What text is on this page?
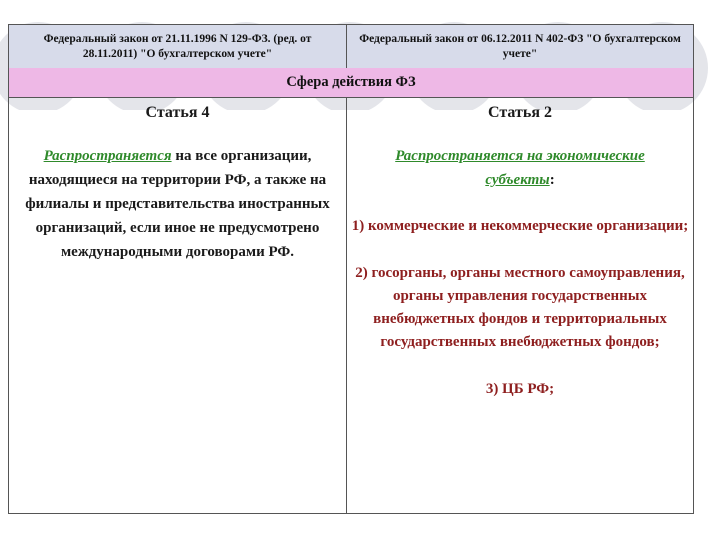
Федеральный закон от 21.11.1996 N 129-ФЗ. (ред. от 28.11.2011) "О бухгалтерском учете"
Федеральный закон от 06.12.2011 N 402-ФЗ "О бухгалтерском учете"
Сфера действия ФЗ

Статья 4

Распространяется на все организации, находящиеся на территории РФ, а также на филиалы и представительства иностранных организаций, если иное не предусмотрено международными договорами РФ.

Статья 2

Распространяется на экономические субъекты:
1) коммерческие и некоммерческие организации;
2) госорганы, органы местного самоуправления, органы управления государственных внебюджетных фондов и территориальных государственных внебюджетных фондов;
3) ЦБ РФ;
